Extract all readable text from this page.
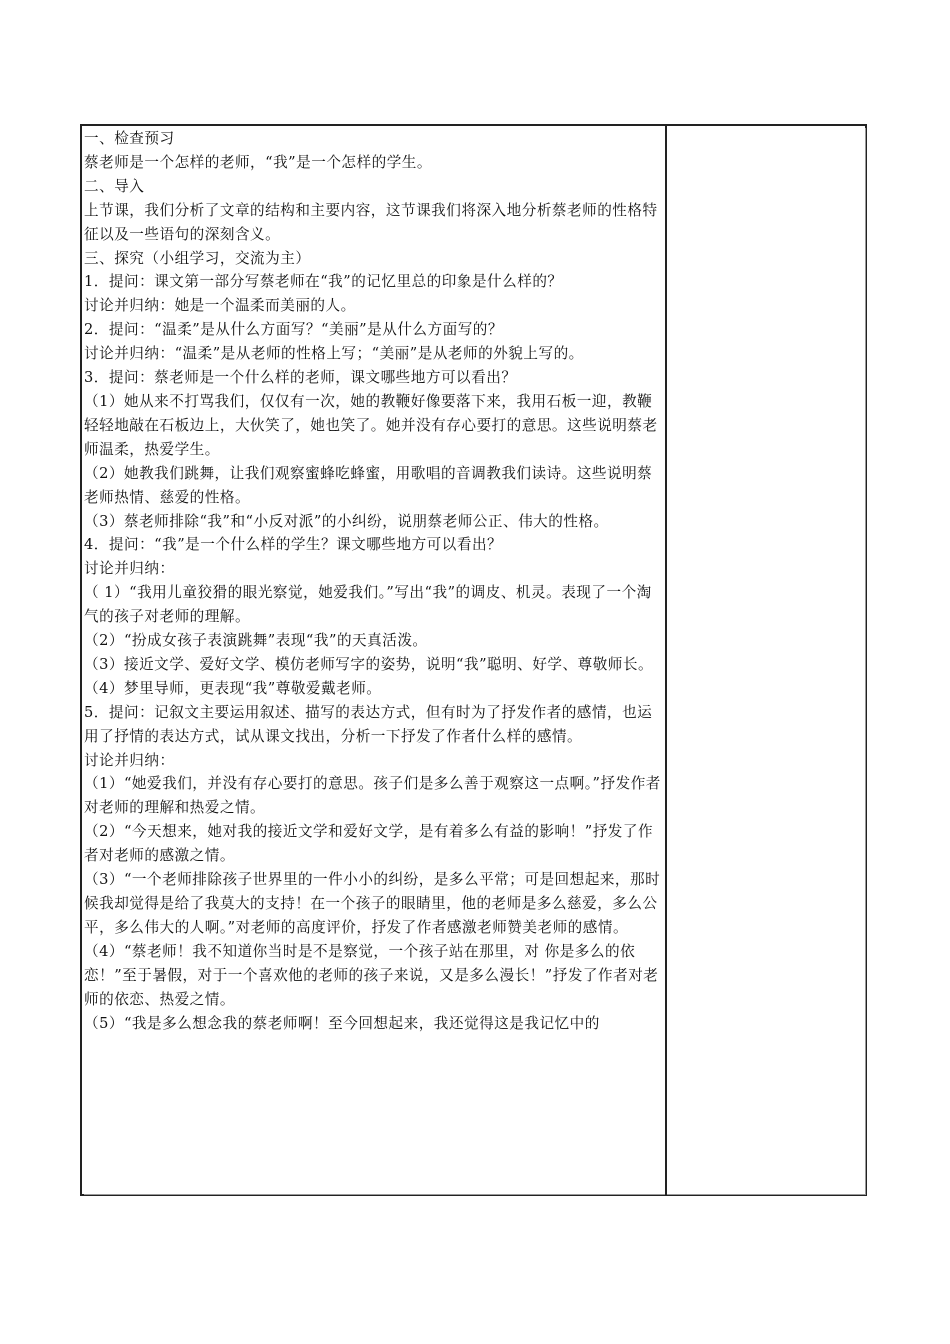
一、检查预习

蔡老师是一个怎样的老师，“我”是一个怎样的学生。

二、导入

上节课，我们分析了文章的结构和主要内容，这节课我们将深入地分析蔡老师的性格特征以及一些语句的深刻含义。

三、探究（小组学习，交流为主）

1．提问：课文第一部分写蔡老师在“我”的记忆里总的印象是什么样的？

讨论并归纳：她是一个温柔而美丽的人。

2．提问：“温柔”是从什么方面写？“美丽”是从什么方面写的？

讨论并归纳：“温柔”是从老师的性格上写；“美丽”是从老师的外貌上写的。

3．提问：蔡老师是一个什么样的老师，课文哪些地方可以看出？

（1）她从来不打骂我们，仅仅有一次，她的教鞭好像要落下来，我用石板一迎，教鞭轻轻地敲在石板边上，大伙笑了，她也笑了。她并没有存心要打的意思。这些说明蔡老师温柔，热爱学生。

（2）她教我们跳舞，让我们观察蜜蜂吃蜂蜜，用歌唱的音调教我们读诗。这些说明蔡老师热情、慈爱的性格。

（3）蔡老师排除“我”和“小反对派”的小纠纷，说朋蔡老师公正、伟大的性格。

4．提问：“我”是一个什么样的学生？课文哪些地方可以看出？

讨论并归纳：

（ 1）“我用儿童狡猾的眼光察觉，她爱我们。”写出“我”的调皮、机灵。表现了一个淘气的孩子对老师的理解。

（2）“扮成女孩子表演跳舞”表现“我”的天真活泼。

（3）接近文学、爱好文学、模仿老师写字的姿势，说明“我”聪明、好学、尊敬师长。

（4）梦里导师，更表现“我”尊敬爱戴老师。

5．提问：记叙文主要运用叙述、描写的表达方式，但有时为了抒发作者的感情，也运用了抒情的表达方式，试从课文找出，分析一下抒发了作者什么样的感情。

讨论并归纳：

（1）“她爱我们，并没有存心要打的意思。孩子们是多么善于观察这一点啊。”抒发作者对老师的理解和热爱之情。

（2）“今天想来，她对我的接近文学和爱好文学，是有着多么有益的影响！”抒发了作者对老师的感激之情。

（3）“一个老师排除孩子世界里的一件小小的纠纷，是多么平常；可是回想起来，那时候我却觉得是给了我莫大的支持！在一个孩子的眼睛里，他的老师是多么慈爱，多么公平，多么伟大的人啊。”对老师的高度评价，抒发了作者感激老师赞美老师的感情。

（4）“蔡老师！我不知道你当时是不是察觉，一个孩子站在那里，对 你是多么的依恋！”至于暑假，对于一个喜欢他的老师的孩子来说，又是多么漫长！”抒发了作者对老师的依恋、热爱之情。

（5）“我是多么想念我的蔡老师啊！至今回想起来，我还觉得这是我记忆中的
